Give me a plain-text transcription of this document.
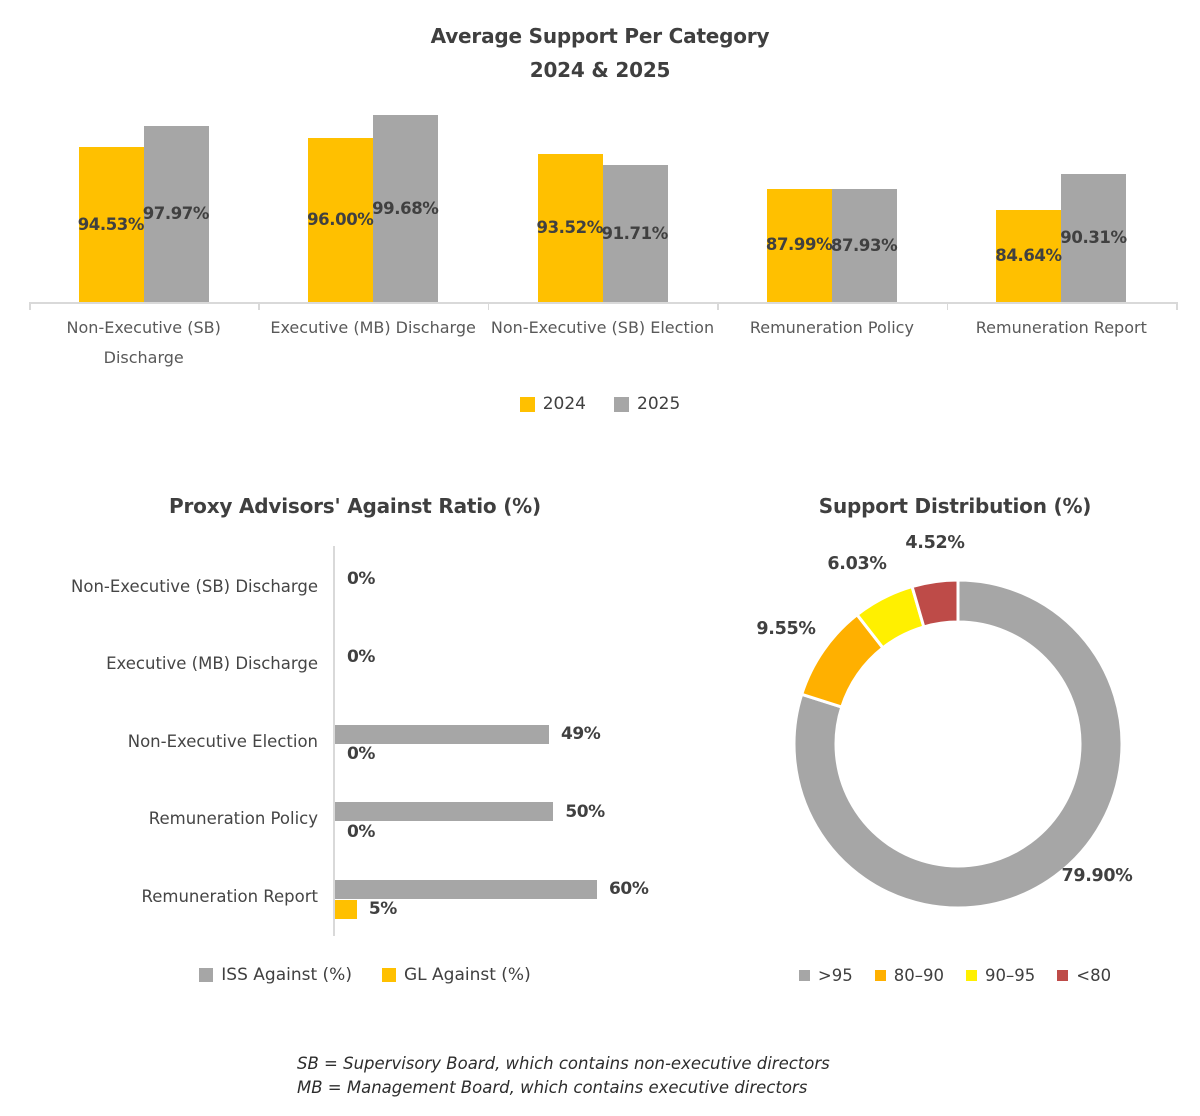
Average Support Per Category
2024 & 2025
2024	2025
Proxy Advisors' Against Ratio (%)
ISS Against (%)	GL Against (%)
Support Distribution (%)
>95 80–90 90–95 <80
SB = Supervisory Board, which contains non-executive directors
MB = Management Board, which contains executive directors
94.53%
97.97%
Non-Executive (SB) Discharge
96.00%
99.68%
Executive (MB) Discharge
93.52%
91.71%
Non-Executive (SB) Election
87.99%
87.93%
Remuneration Policy
84.64%
90.31%
Remuneration Report
Non-Executive (SB) Discharge 0%
Executive (MB) Discharge 0%
Non-Executive Election	49%
0%
Remuneration Policy	50%
0%
Remuneration Report	60%
5%
79.90%
9.55%
6.03%
4.52%
